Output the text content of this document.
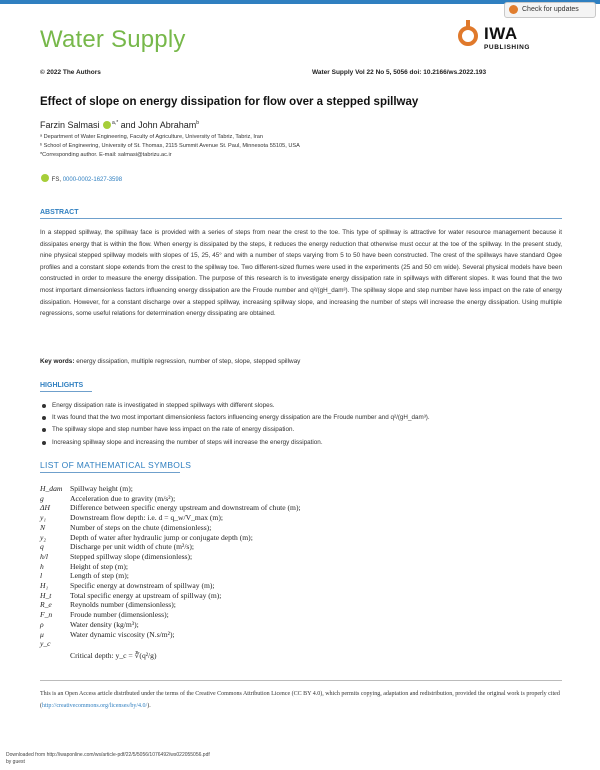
Check for updates
Water Supply	IWA
PUBLISHING
© 2022 The Authors	Water Supply Vol 22 No 5, 5056 doi: 10.2166/ws.2022.193
Effect of slope on energy dissipation for flow over a stepped spillway
Farzin Salmasi	$^{a,*}$ and John Abraham$^b$
ᵃ Department of Water Engineering, Faculty of Agriculture, University of Tabriz, Tabriz, Iran
ᵇ School of Engineering, University of St. Thomas, 2115 Summit Avenue St. Paul, Minnesota 55105, USA
*Corresponding author. E-mail: salmasi@tabrizu.ac.ir
FS, 0000-0002-1627-3598
ABSTRACT
In a stepped spillway, the spillway face is provided with a series of steps from near the crest to the toe. This type of spillway is attractive for water resource management because it dissipates energy that is within the flow. When energy is dissipated by the steps, it reduces the energy reduction that otherwise must occur at the toe of the spillway. In the present study, nine physical stepped spillway models with slopes of 15, 25, 45° and with a number of steps varying from 5 to 50 have been constructed. The crest of the spillways have standard Ogee profiles and a constant slope extends from the crest to the spillway toe. Two different-sized flumes were used in the experiments (25 and 50 cm wide). Several physical models have been constructed in order to measure the energy dissipation. The purpose of this research is to investigate energy dissipation rate in spillways with different slopes. It was found that the two most important dimensionless factors influencing energy dissipation are the Froude number and q²/(gH_dam³). The spillway slope and step number have less impact on the rate of energy dissipation. However, for a constant discharge over a stepped spillway, increasing spillway slope, and increasing the number of steps will increase the energy dissipation. Using multiple regressions, some useful relations for determination energy dissipating are obtained.
Key words: energy dissipation, multiple regression, number of step, slope, stepped spillway
HIGHLIGHTS
Energy dissipation rate is investigated in stepped spillways with different slopes.
It was found that the two most important dimensionless factors influencing energy dissipation are the Froude number and q²/(gH_dam³).
The spillway slope and step number have less impact on the rate of energy dissipation.
Increasing spillway slope and increasing the number of steps will increase the energy dissipation.
LIST OF MATHEMATICAL SYMBOLS
H_dam	Spillway height (m);
g	Acceleration due to gravity (m/s²);
ΔH	Difference between specific energy upstream and downstream of chute (m);
y₁	Downstream flow depth: i.e. d = q_w/V_max (m);
N	Number of steps on the chute (dimensionless);
y₂	Depth of water after hydraulic jump or conjugate depth (m);
q	Discharge per unit width of chute (m²/s);
h/l	Stepped spillway slope (dimensionless);
h	Height of step (m);
l	Length of step (m);
H₁	Specific energy at downstream of spillway (m);
H_t	Total specific energy at upstream of spillway (m);
R_e	Reynolds number (dimensionless);
F_n	Froude number (dimensionless);
ρ	Water density (kg/m³);
μ	Water dynamic viscosity (N.s/m²);
y_c	
Critical depth: y_c = ∛(q²/g)
This is an Open Access article distributed under the terms of the Creative Commons Attribution Licence (CC BY 4.0), which permits copying, adaptation and redistribution, provided the original work is properly cited (http://creativecommons.org/licenses/by/4.0/).
Downloaded from http://iwaponline.com/ws/article-pdf/22/5/5056/1076492/ws022055056.pdf
by guest
